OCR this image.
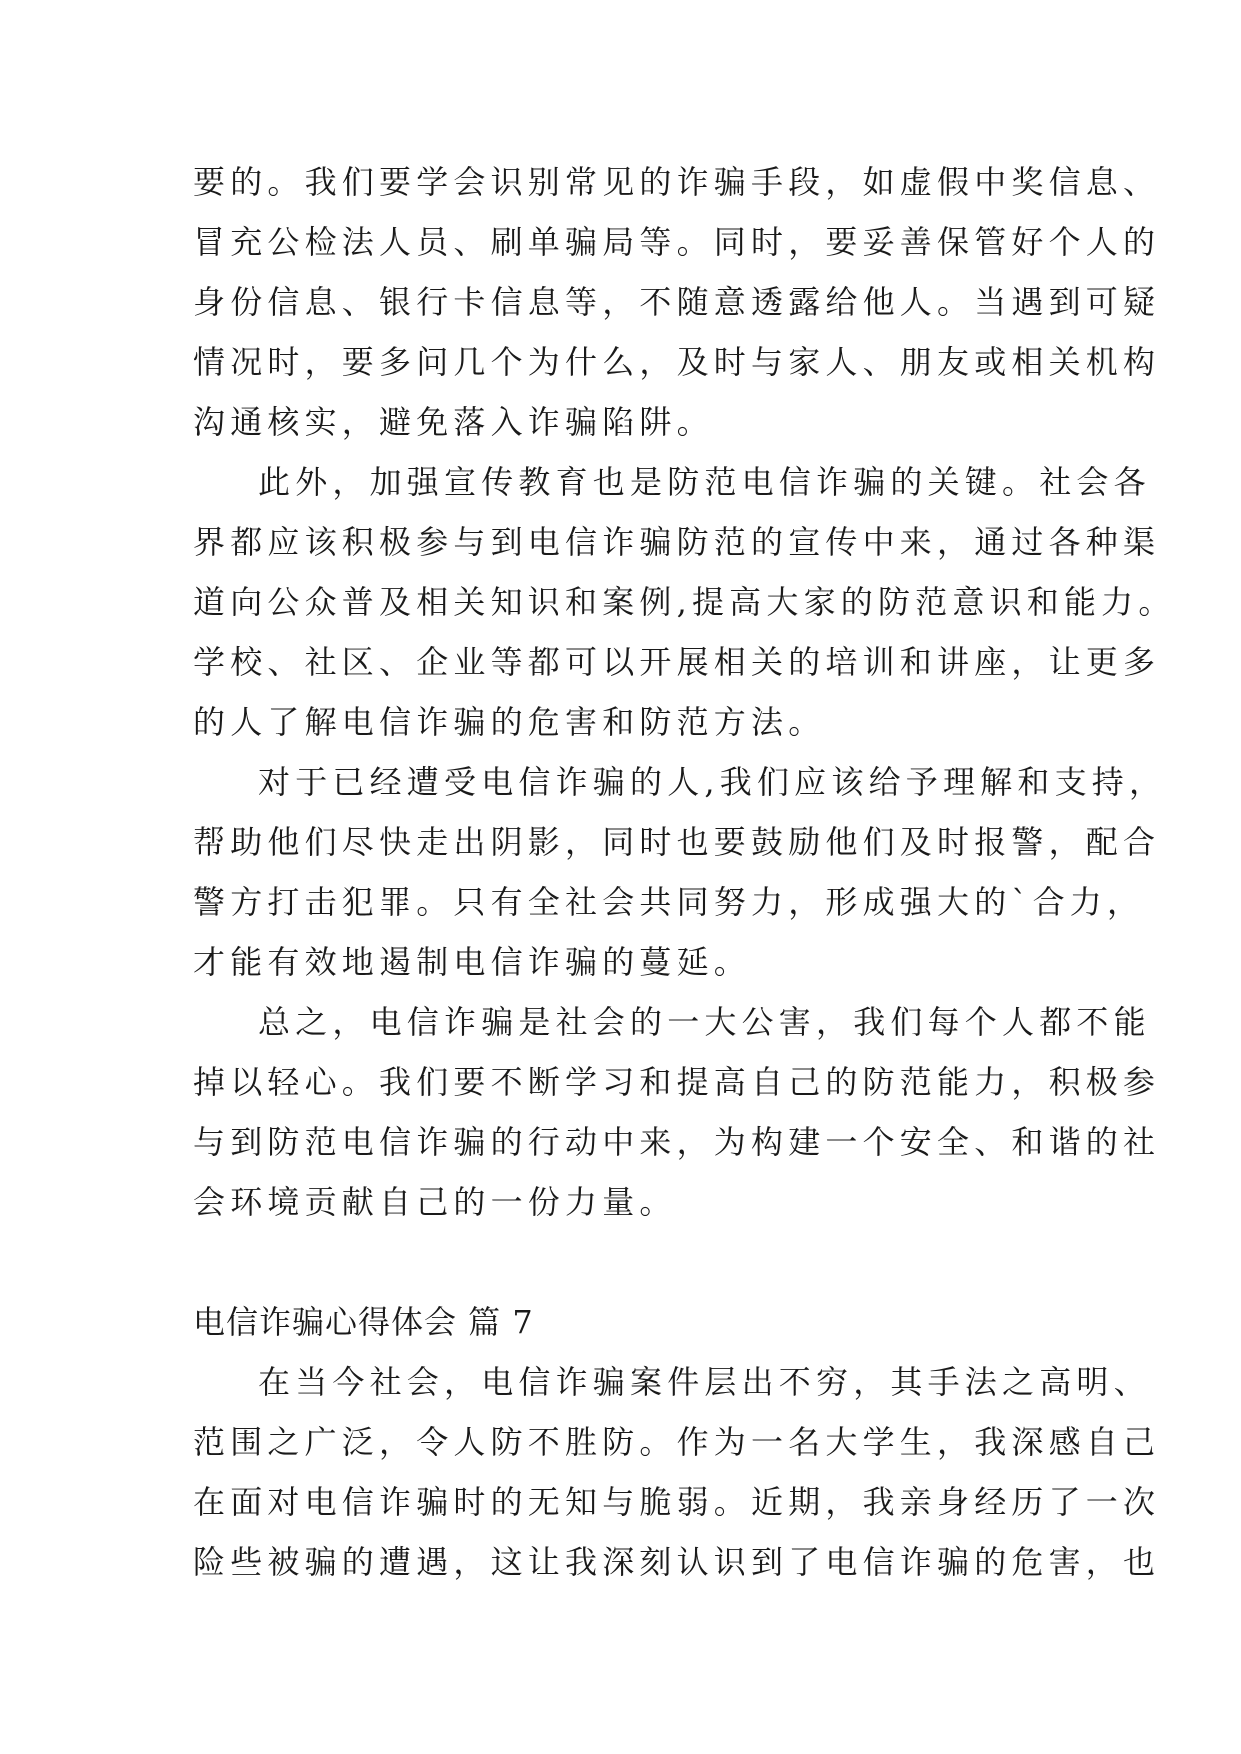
要的。我们要学会识别常见的诈骗手段，如虚假中奖信息、

冒充公检法人员、刷单骗局等。同时，要妥善保管好个人的

身份信息、银行卡信息等，不随意透露给他人。当遇到可疑

情况时，要多问几个为什么，及时与家人、朋友或相关机构

沟通核实，避免落入诈骗陷阱。

此外，加强宣传教育也是防范电信诈骗的关键。社会各

界都应该积极参与到电信诈骗防范的宣传中来，通过各种渠

道向公众普及相关知识和案例,提高大家的防范意识和能力。

学校、社区、企业等都可以开展相关的培训和讲座，让更多

的人了解电信诈骗的危害和防范方法。

对于已经遭受电信诈骗的人,我们应该给予理解和支持，

帮助他们尽快走出阴影，同时也要鼓励他们及时报警，配合

警方打击犯罪。只有全社会共同努力，形成强大的`合力，

才能有效地遏制电信诈骗的蔓延。

总之，电信诈骗是社会的一大公害，我们每个人都不能

掉以轻心。我们要不断学习和提高自己的防范能力，积极参

与到防范电信诈骗的行动中来，为构建一个安全、和谐的社

会环境贡献自己的一份力量。

电信诈骗心得体会 篇 7

在当今社会，电信诈骗案件层出不穷，其手法之高明、

范围之广泛，令人防不胜防。作为一名大学生，我深感自己

在面对电信诈骗时的无知与脆弱。近期，我亲身经历了一次

险些被骗的遭遇，这让我深刻认识到了电信诈骗的危害，也
